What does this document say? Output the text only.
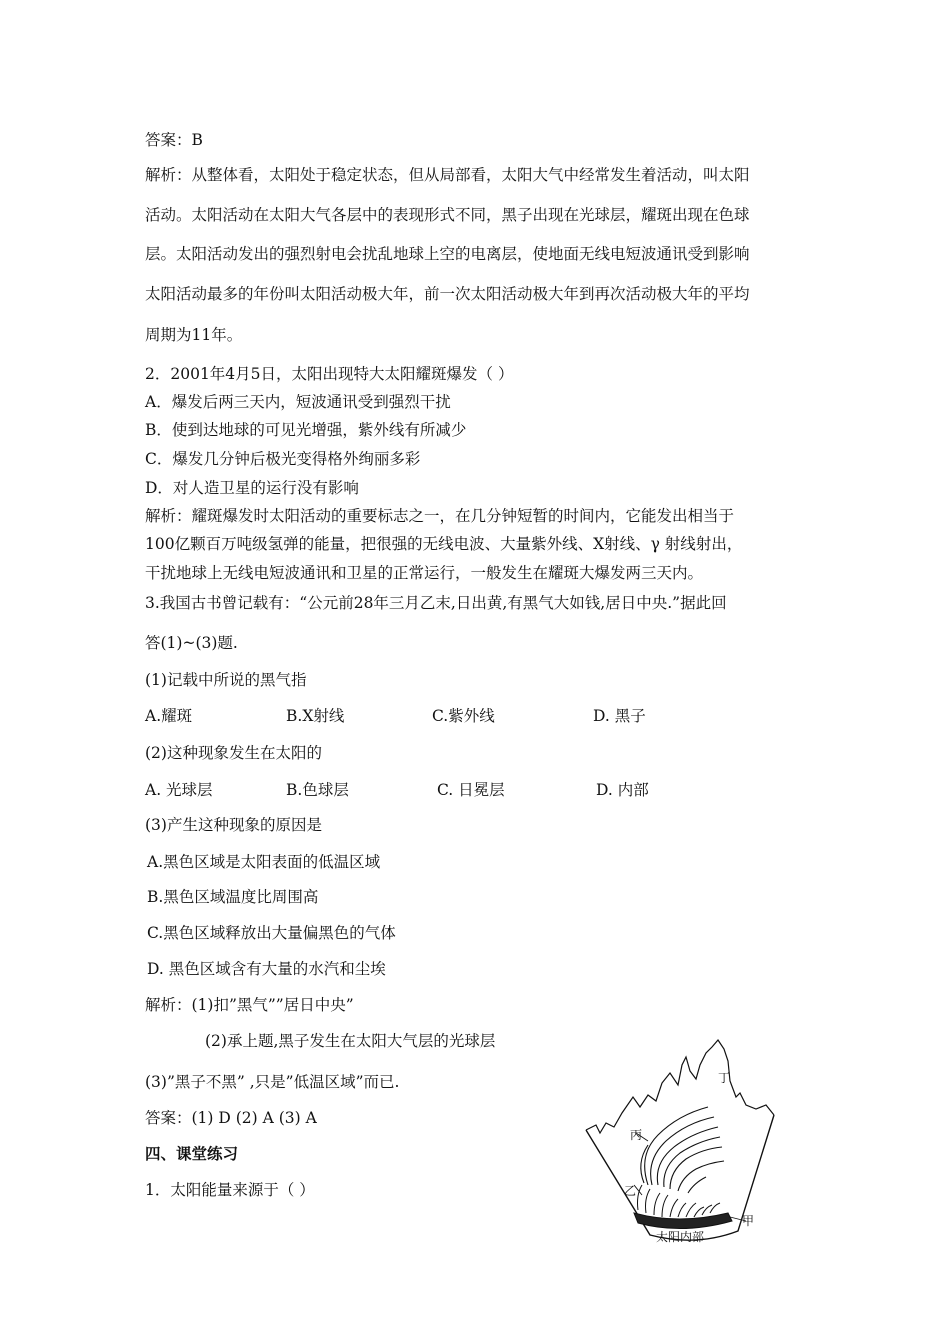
答案：B
解析：从整体看，太阳处于稳定状态，但从局部看，太阳大气中经常发生着活动，叫太阳
活动。太阳活动在太阳大气各层中的表现形式不同，黑子出现在光球层，耀斑出现在色球
层。太阳活动发出的强烈射电会扰乱地球上空的电离层，使地面无线电短波通讯受到影响
太阳活动最多的年份叫太阳活动极大年，前一次太阳活动极大年到再次活动极大年的平均
周期为11年。
2．2001年4月5日，太阳出现特大太阳耀斑爆发（ ）
A．爆发后两三天内，短波通讯受到强烈干扰
B．使到达地球的可见光增强，紫外线有所减少
C．爆发几分钟后极光变得格外绚丽多彩
D．对人造卫星的运行没有影响
解析：耀斑爆发时太阳活动的重要标志之一，在几分钟短暂的时间内，它能发出相当于
100亿颗百万吨级氢弹的能量，把很强的无线电波、大量紫外线、X射线、γ 射线射出，
干扰地球上无线电短波通讯和卫星的正常运行，一般发生在耀斑大爆发两三天内。
3.我国古书曾记载有：“公元前28年三月乙末,日出黄,有黑气大如钱,居日中央.”据此回
答(1)~(3)题.
(1)记载中所说的黑气指
A.耀斑	B.X射线	C.紫外线	D. 黑子
(2)这种现象发生在太阳的
A. 光球层	B.色球层	C. 日冕层	D. 内部
(3)产生这种现象的原因是
A.黑色区域是太阳表面的低温区域
B.黑色区域温度比周围高
C.黑色区域释放出大量偏黑色的气体
D. 黑色区域含有大量的水汽和尘埃
解析：(1)扣”黑气””居日中央”
(2)承上题,黑子发生在太阳大气层的光球层
(3)”黑子不黑” ,只是”低温区域”而已.
答案：(1) D (2) A (3) A
四、课堂练习
1．太阳能量来源于（ ）
丁
丙
乙
甲
太阳内部
